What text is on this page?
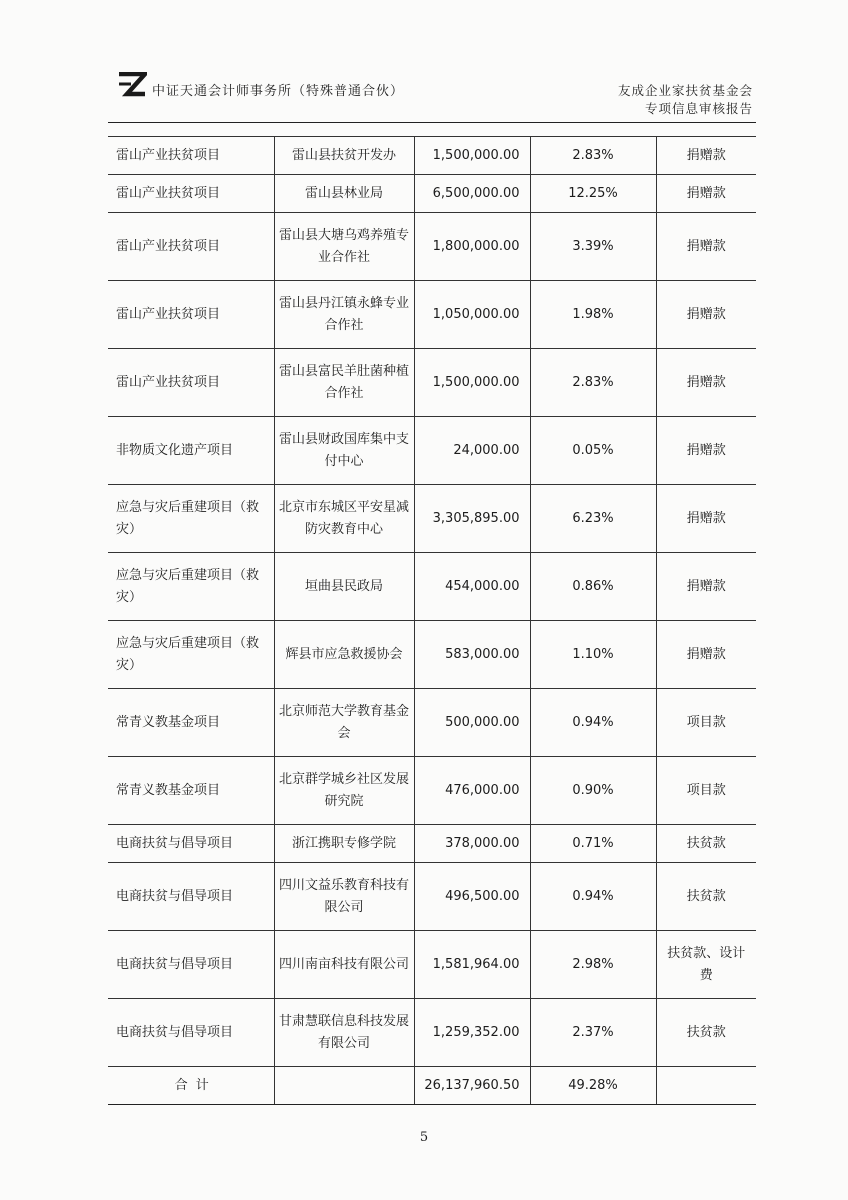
中证天通会计师事务所（特殊普通合伙）	友成企业家扶贫基金会
专项信息审核报告
雷山产业扶贫项目	雷山县扶贫开发办	1,500,000.00	2.83%	捐赠款
雷山产业扶贫项目	雷山县林业局	6,500,000.00	12.25%	捐赠款
雷山产业扶贫项目	雷山县大塘乌鸡养殖专业合作社	1,800,000.00	3.39%	捐赠款
雷山产业扶贫项目	雷山县丹江镇永蜂专业合作社	1,050,000.00	1.98%	捐赠款
雷山产业扶贫项目	雷山县富民羊肚菌种植合作社	1,500,000.00	2.83%	捐赠款
非物质文化遗产项目	雷山县财政国库集中支付中心	24,000.00	0.05%	捐赠款
应急与灾后重建项目（救灾）	北京市东城区平安星减防灾教育中心	3,305,895.00	6.23%	捐赠款
应急与灾后重建项目（救灾）	垣曲县民政局	454,000.00	0.86%	捐赠款
应急与灾后重建项目（救灾）	辉县市应急救援协会	583,000.00	1.10%	捐赠款
常青义教基金项目	北京师范大学教育基金会	500,000.00	0.94%	项目款
常青义教基金项目	北京群学城乡社区发展研究院	476,000.00	0.90%	项目款
电商扶贫与倡导项目	浙江携职专修学院	378,000.00	0.71%	扶贫款
电商扶贫与倡导项目	四川文益乐教育科技有限公司	496,500.00	0.94%	扶贫款
电商扶贫与倡导项目	四川南亩科技有限公司	1,581,964.00	2.98%	扶贫款、设计费
电商扶贫与倡导项目	甘肃慧联信息科技发展有限公司	1,259,352.00	2.37%	扶贫款
合 计		26,137,960.50	49.28%	
5
